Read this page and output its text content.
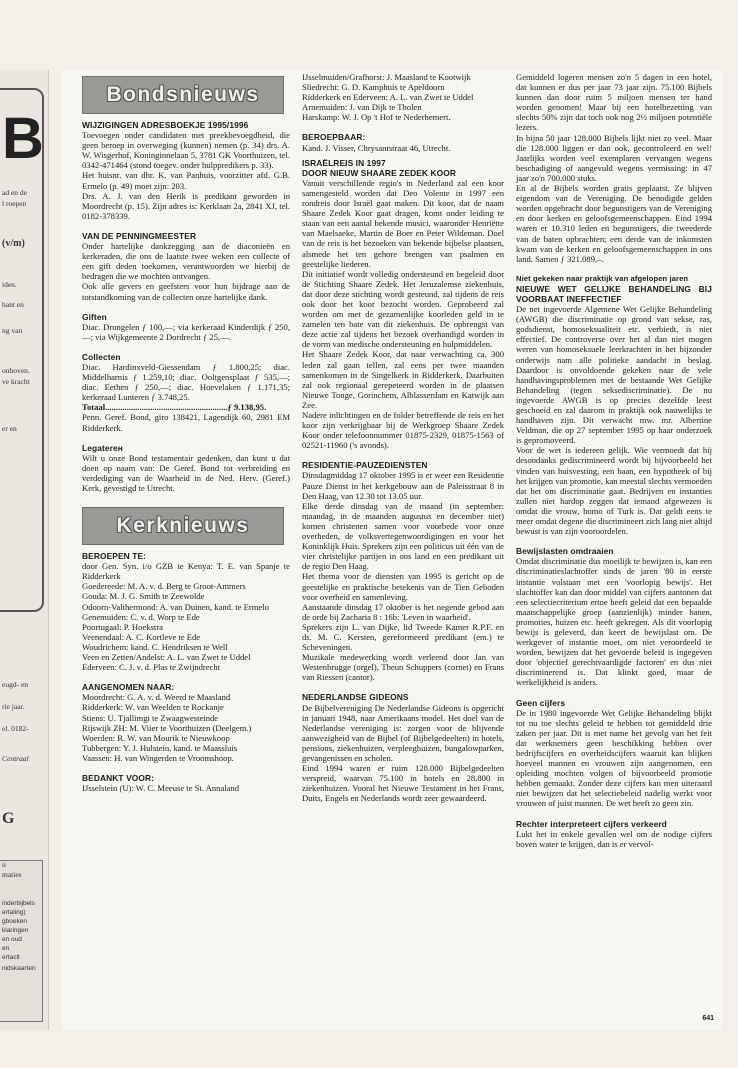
B
ad en de
l roepen
(v/m)
iden.
bant en
ng van
onhoven.
ve kracht
er en
eugd- en
rie jaar.
el. 0182-
Centraal
G
n
maties
inderbijbels
ertaling)
gboeken
klaringen
en oud
en
ertaclt
nidskaarten
Bondsnieuws

WIJZIGINGEN ADRESBOEKJE 1995/1996

Toevoegen onder candidaten met preekbevoegdheid, die geen beroep in overweging (kunnen) nemen (p. 34) drs. A. W. Wisgerhof, Koninginnelaan 5, 3781 GK Voorthuizen, tel. 0342-471464 (stond toegev. onder hulppredikers p. 33).

Het huisnr. van dhr. K. van Panhuis, voorzitter afd. G.B. Ermelo (p. 49) moet zijn: 203.

Drs. A. J. van den Herik is predikant geworden in Moordrecht (p. 15). Zijn adres is: Kerklaan 2a, 2841 XJ, tel. 0182-378339.

VAN DE PENNINGMEESTER

Onder hartelijke dankzegging aan de diaconieën en kerkeraden, die ons de laatste twee weken een collecte of een gift deden toekomen, verantwoorden we hierbij de bedragen die we mochten ontvangen.

Ook alle gevers en geefsters voor hun bijdrage aan de totstandkoming van de collecten onze hartelijke dank.

Giften

Diac. Drongelen ƒ 100,—; via kerkeraad Kinderdijk ƒ 250,—; via Wijkgemeente 2 Dordrecht ƒ 25,—.

Collecten

Diac. Hardinxveld-Giessendam ƒ 1.800,25; diac. Middelharnis ƒ 1.259,10; diac. Ooltgensplaat ƒ 535,—; diac. Eethen ƒ 250,—; diac. Hoevelaken ƒ 1.171,35; kerkeraad Lunteren ƒ 3.748,25.

Totaal.........................................................ƒ 9.138,95.

Penn. Geref. Bond, giro 138421, Lagendijk 60, 2981 EM Ridderkerk.

Legaterен

Wilt u onze Bond testamentair gedenken, dan kunt u dat doen op naam van: De Geref. Bond tot verbreiding en verdediging van de Waarheid in de Ned. Herv. (Geref.) Kerk, gevestigd te Utrecht.

Kerknieuws

BEROEPEN TE:

door Gen. Syn. i/o GZB te Kenya: T. E. van Spanje te Ridderkerk

Goedereede: M. A. v. d. Berg te Groot-Ammers

Gouda: M. J. G. Smith te Zeewolde

Odoorn-Valthermond: A. van Duinen, kand. te Ermelo

Genemuiden: C. v. d. Worp te Ede

Poortugaal: P. Hoekstra

Veenendaal: A. C. Kortleve te Ede

Woudrichem: kand. C. Hendriksen te Well

Veen en Zetten/Andelst: A. L. van Zwet te Uddel

Ederveen: C. J. v. d. Plas te Zwijndrecht

AANGENOMEN NAAR:

Moordrecht: G. A. v. d. Weerd te Maasland

Ridderkerk: W. van Weelden te Rockanje

Stiens: U. Tjallimgi te Zwaagwesteinde

Rijswijk ZH: M. Viier te Voorthuizen (Deelgem.)

Woerden: R. W. van Mourik te Nieuwkoop

Tubbergen: Y. J. Hulstein, kand. te Maassluis

Vaassen: H. van Wingerden te Vroomshoop.

BEDANKT VOOR:

IJsselstein (U): W. C. Meeuse te St. Annaland

IJsselmuiden/Grafhorst: J. Maasland te Kootwijk

Sliedrecht: G. D. Kamphuis te Apeldoorn

Ridderkerk en Ederveen: A. L. van Zwet te Uddel

Arnemuiden: J. van Dijk te Tholen

Harskamp: W. J. Op 't Hof te Nederhemert.

BEROEPBAAR:

Kand. J. Visser, Chrysantstraat 46, Utrecht.

ISRAËLREIS IN 1997

DOOR NIEUW SHAARE ZEDEK KOOR

Vanuit verschillende regio's in Nederland zal een koor samengesteld worden dat Deo Volente in 1997 een rondreis door Israël gaat maken. Dit koor, dat de naam Shaare Zedek Koor gaat dragen, komt onder leiding te staan van een aantal bekende musici, waaronder Henriëtte van Maelsaeke, Martin de Boer en Peter Wildeman. Doel van de reis is het bezoeken van bekende bijbelse plaatsen, alsmede het ten gehore brengen van psalmen en geestelijke liederen.

Dit initiatief wordt volledig ondersteund en begeleid door de Stichting Shaare Zedek. Het Jeruzalemse ziekenhuis, dat door deze stichting wordt gesteund, zal tijdens de reis ook door het koor bezocht worden. Geprobeerd zal worden om met de gezamenlijke koorleden geld in te zamelen ten bate van dit ziekenhuis. De opbrengst van deze actie zal tijdens het bezoek overhandigd worden in de vorm van medische ondersteuning en hulpmiddelen.

Het Shaare Zedek Koor, dat naar verwachting ca. 300 leden zal gaan tellen, zal eens per twee maanden samenkomen in de Singelkerk in Ridderkerk. Daarbuiten zal ook regionaal gerepeteerd worden in de plaatsen Nieuwe Tonge, Gorinchem, Alblasserdam en Katwijk aan Zee.

Nadere inlichtingen en de folder betreffende de reis en het koor zijn verkrijgbaar bij de Werkgroep Shaare Zedek Koor onder telefoonnummer 01875-2329, 01875-1563 of 02521-11960 ('s avonds).

RESIDENTIE-PAUZEDIENSTEN

Dinsdagmiddag 17 oktober 1995 is er weer een Residentie Pauze Dienst in het kerkgebouw aan de Paleisstraat 8 in Den Haag, van 12.30 tot 13.05 uur.

Elke derde dinsdag van de maand (in september: maandag, in de maanden augustus en december niet) komen christenen samen voor voorbede voor onze overheden, de volksvertegenwoordigingen en voor het Koninklijk Huis. Sprekers zijn een politicus uit één van de vier christelijke partijen in ons land en een predikant uit de regio Den Haag.

Het thema voor de diensten van 1995 is gericht op de geestelijke en praktische betekenis van de Tien Geboden voor overheid en samenleving.

Aanstaande dinsdag 17 oktober is het negende gebod aan de orde bij Zacharia 8 : 16b: 'Leven in waarheid'.

Sprekers zijn L. van Dijke, lid Tweede Kamer R.P.F. en ds. M. C. Kersten, gereformeerd predikant (em.) te Scheveningen.

Muzikale medewerking wordt verleend door Jan van Westenbrugge (orgel), Theun Schuppers (cornet) en Frans van Riessen (cantor).

NEDERLANDSE GIDEONS

De Bijbelvereniging De Nederlandse Gideons is opgericht in januari 1948, naar Amerikaans model. Het doel van de Nederlandse vereniging is: zorgen voor de blijvende aanwezigheid van de Bijbel (of Bijbelgedeelten) in hotels, pensions, ziekenhuizen, verpleeghuizen, bungalowparken, gevangenissen en scholen.

Eind 1994 waren er ruim 128.000 Bijbelgedeelten verspreid, waarvan 75.100 in hotels en 28.800 in ziekenhuizen. Vooral het Nieuwe Testament in het Frans, Duits, Engels en Nederlands wordt zeer gewaardeerd.

Gemiddeld logeren mensen zo'n 5 dagen in een hotel, dat kunnen er dus per jaar 73 jaar zijn. 75.100 Bijbels kunnen dan door ruim 5 miljoen mensen ter hand worden genomen! Maar bij een hotelbezetting van slechts 50% zijn dat toch ook nog 2½ miljoen potentiële lezers.

In bijna 50 jaar 128.000 Bijbels lijkt niet zo veel. Maar die 128.000 liggen er dan ook, gecontroleerd en wel! Jaarlijks worden veel exemplaren vervangen wegens beschadiging of aangevuld wegens vermissing: in 47 jaar zo'n 700.000 stuks.

En al de Bijbels worden gratis geplaatst. Ze blijven eigendom van de Vereniging. De benodigde gelden worden opgebracht door begunstigers van de Vereniging en door kerken en geloofsgemeenschappen. Eind 1994 waren er 10.310 leden en begunstigers, die tweederde van de baten opbrachten; een derde van de inkomsten kwam van de kerken en geloofsgemeenschappen in ons land. Samen ƒ 321.089,–.

Niet gekeken naar praktijk van afgelopen jaren

NIEUWE WET GELIJKE BEHANDELING BIJ VOORBAAT INEFFECTIEF

De net ingevoerde Algemene Wet Gelijke Behandeling (AWGB) die discriminatie op grond van sekse, ras, godsdienst, homoseksualiteit etc. verbiedt, is niet effectief. De controverse over het al dan niet mogen weren van homoseksuele leerkrachten in het bijzonder onderwijs nam alle politieke aandacht in beslag. Daardoor is onvoldoende gekeken naar de vele handhavingsproblemen met de bestaande Wet Gelijke Behandeling (tegen seksediscriminatie). De nu ingevoerde AWGB is op precies dezelfde leest geschoeid en zal daarom in praktijk ook nauwelijks te handhaven zijn. Dit verwacht mw. mr. Albertine Veldman, die op 27 september 1995 op haar onderzoek is gepromoveerd.

Voor de wet is iedereen gelijk. Wie vermoedt dat hij desondanks gediscrimineerd wordt bij bijvoorbeeld het vinden van huisvesting, een baan, een hypotheek of bij het krijgen van promotie, kan meestal slechts vermoeden dat het om discriminatie gaat. Bedrijven en instanties zullen niet hardop zeggen dat iemand afgewezen is omdat die vrouw, homo of Turk is. Dat geldt eens te meer omdat degene die discrimineert zich lang niet altijd bewust is van zijn vooroordelen.

Bewijslasten omdraaien

Omdat discriminatie dus moeilijk te bewijzen is, kan een discriminatieslachtoffer sinds de jaren '80 in eerste instantie volstaan met een 'voorlopig bewijs'. Het slachtoffer kan dan door middel van cijfers aantonen dat een selectiecriterium ertoe heeft geleid dat een bepaalde maatschappelijke groep (aanzienlijk) minder banen, promoties, huizen etc. heeft gekregen. Als dit voorlopig bewijs is geleverd, dan keert de bewijslast om. De werkgever of instantie moet, om niet veroordeeld te worden, bewijzen dat het gevoerde beleid is ingegeven door 'objectief gerechtvaardigde factoren' en dus niet discriminerend is. Dat klinkt goed, maar de werkelijkheid is anders.

Geen cijfers

De in 1980 ingevoerde Wet Gelijke Behandeling blijkt tot nu toe slechts geleid te hebben tot gemiddeld drie zaken per jaar. Dit is met name het gevolg van het feit dat werknemers geen beschikking hebben over bedrijfscijfers en overheidscijfers waaruit kan blijken hoeveel mannen en vrouwen zijn aangenomen, een opleiding mochten volgen of bijvoorbeeld promotie hebben gemaakt. Zonder deze cijfers kan men uiteraard niet bewijzen dat het selectiebeleid nadelig werkt voor vrouwen of juist mannen. De wet heeft zo geen zin.

Rechter interpreteert cijfers verkeerd

Lukt het in enkele gevallen wel om de nodige cijfers boven water te krijgen, dan is er vervol-

641
